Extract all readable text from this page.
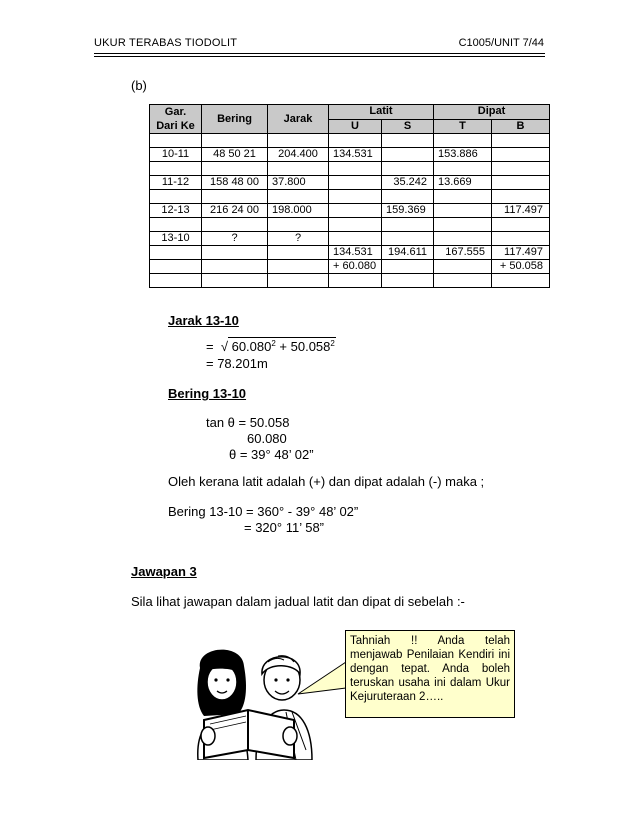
UKUR TERABAS TIODOLIT	C1005/UNIT 7/44
(b)
Gar.
Dari Ke	Bering	Jarak	Latit		Dipat	
			U	S	T	B

10-11	48 50 21	204.400	134.531		153.886	

11-12	158 48 00	37.800		35.242	13.669	

12-13	216 24 00	198.000		159.369		117.497

13-10	?	?				
			134.531	194.611	167.555	117.497
			+ 60.080			+ 50.058

Jarak 13-10
= √ $60.080^2 + 50.058^2$
= 78.201m
Bering 13-10
tan θ = 50.058
60.080
θ = 39° 48’ 02”
Oleh kerana latit adalah (+) dan dipat adalah (-) maka ;
Bering 13-10 = 360° - 39° 48’ 02”
= 320° 11’ 58”
Jawapan 3
Sila lihat jawapan dalam jadual latit dan dipat di sebelah :-
Tahniah !! Anda telah menjawab Penilaian Kendiri ini dengan tepat. Anda boleh teruskan usaha ini dalam Ukur Kejuruteraan 2…..
